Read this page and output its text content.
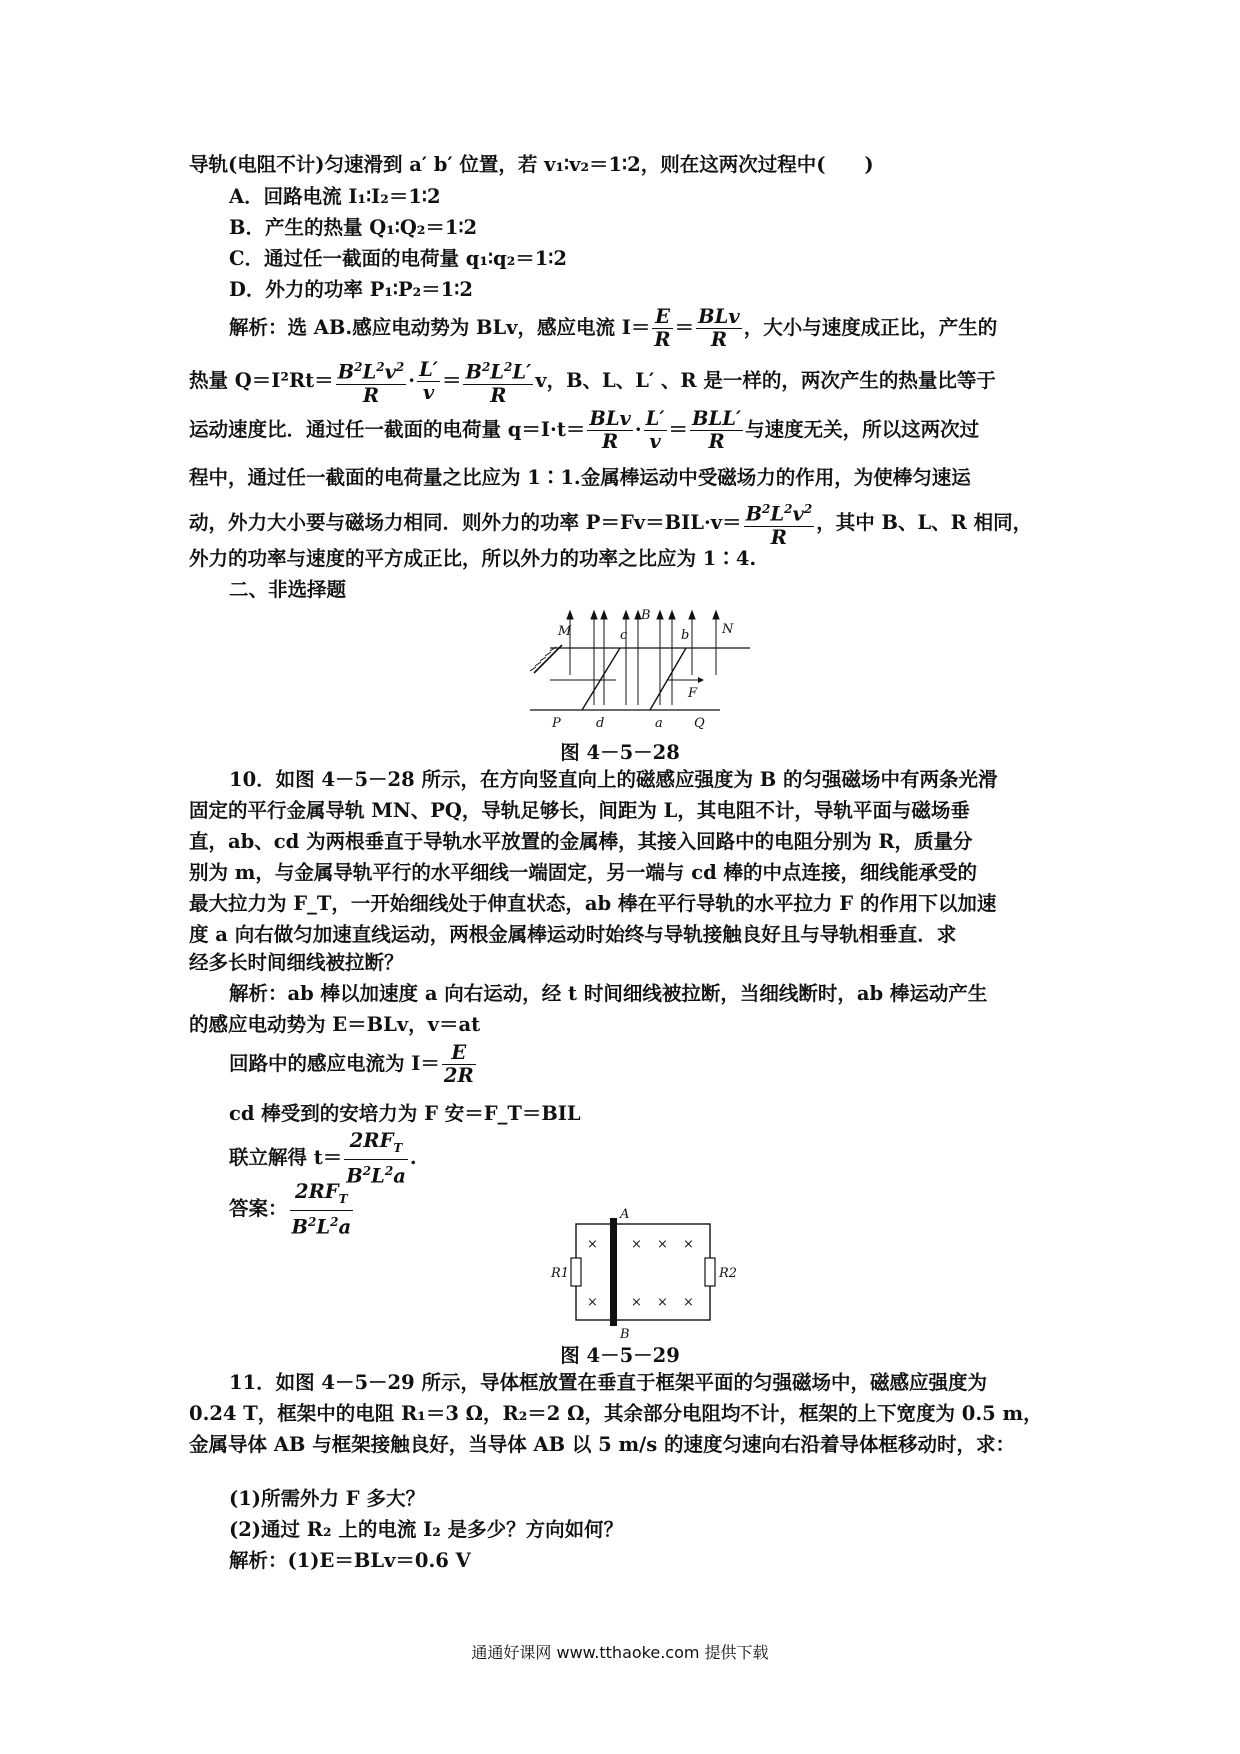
导轨(电阻不计)匀速滑到 a′ b′ 位置，若 v₁∶v₂＝1∶2，则在这两次过程中(　　)
A．回路电流 I₁∶I₂＝1∶2
B．产生的热量 Q₁∶Q₂＝1∶2
C．通过任一截面的电荷量 q₁∶q₂＝1∶2
D．外力的功率 P₁∶P₂＝1∶2
解析：选 AB.感应电动势为 BLv，感应电流 $I= \frac{E}{R} = \frac{\text{BLv}}{R}$ ，大小与速度成正比，产生的
热量 $Q=I^2Rt= \frac{B^2L^2v^2}{R} \cdot \frac{L'}{v} = \frac{B^2L^2L'}{R}$ v，B、L、L′ 、R 是一样的，两次产生的热量比等于
运动速度比．通过任一截面的电荷量 $q=I\cdot t= \frac{\text{BLv}}{R} \cdot \frac{L'}{v} = \frac{\text{BLL′}}{R}$ 与速度无关，所以这两次过
程中，通过任一截面的电荷量之比应为 1∶1.金属棒运动中受磁场力的作用，为使棒匀速运
动，外力大小要与磁场力相同．则外力的功率 $P=Fv=BIL\cdot v= \frac{B^2L^2v^2}{R}$ ，其中 B、L、R 相同，
外力的功率与速度的平方成正比，所以外力的功率之比应为 1∶4.
二、非选择题
M	c
B
b	N
F
P	d	a Q
图 4－5－28
10．如图 4－5－28 所示，在方向竖直向上的磁感应强度为 B 的匀强磁场中有两条光滑
固定的平行金属导轨 MN、PQ，导轨足够长，间距为 L，其电阻不计，导轨平面与磁场垂
直，ab、cd 为两根垂直于导轨水平放置的金属棒，其接入回路中的电阻分别为 R，质量分
别为 m，与金属导轨平行的水平细线一端固定，另一端与 cd 棒的中点连接，细线能承受的
最大拉力为 F_T，一开始细线处于伸直状态，ab 棒在平行导轨的水平拉力 F 的作用下以加速
度 a 向右做匀加速直线运动，两根金属棒运动时始终与导轨接触良好且与导轨相垂直．求
经多长时间细线被拉断？
解析：ab 棒以加速度 a 向右运动，经 t 时间细线被拉断，当细线断时，ab 棒运动产生
的感应电动势为 E＝BLv，v＝at
回路中的感应电流为 $I= \frac{E}{2R}$
cd 棒受到的安培力为 F 安＝F_T＝BIL
联立解得 $t= \frac{2RF_T}{B^2L^2a}$ .
答案： $\frac{2RF_T}{B^2L^2a}$
×
×
×
×
×
×
×
×
A
B
R1	R2
图 4－5－29
11．如图 4－5－29 所示，导体框放置在垂直于框架平面的匀强磁场中，磁感应强度为
0.24 T，框架中的电阻 R₁＝3 Ω，R₂＝2 Ω，其余部分电阻均不计，框架的上下宽度为 0.5 m，
金属导体 AB 与框架接触良好，当导体 AB 以 5 m/s 的速度匀速向右沿着导体框移动时，求：
(1)所需外力 F 多大？
(2)通过 R₂ 上的电流 I₂ 是多少？方向如何？
解析：(1)E＝BLv＝0.6 V
通通好课网 www.tthaoke.com 提供下载
